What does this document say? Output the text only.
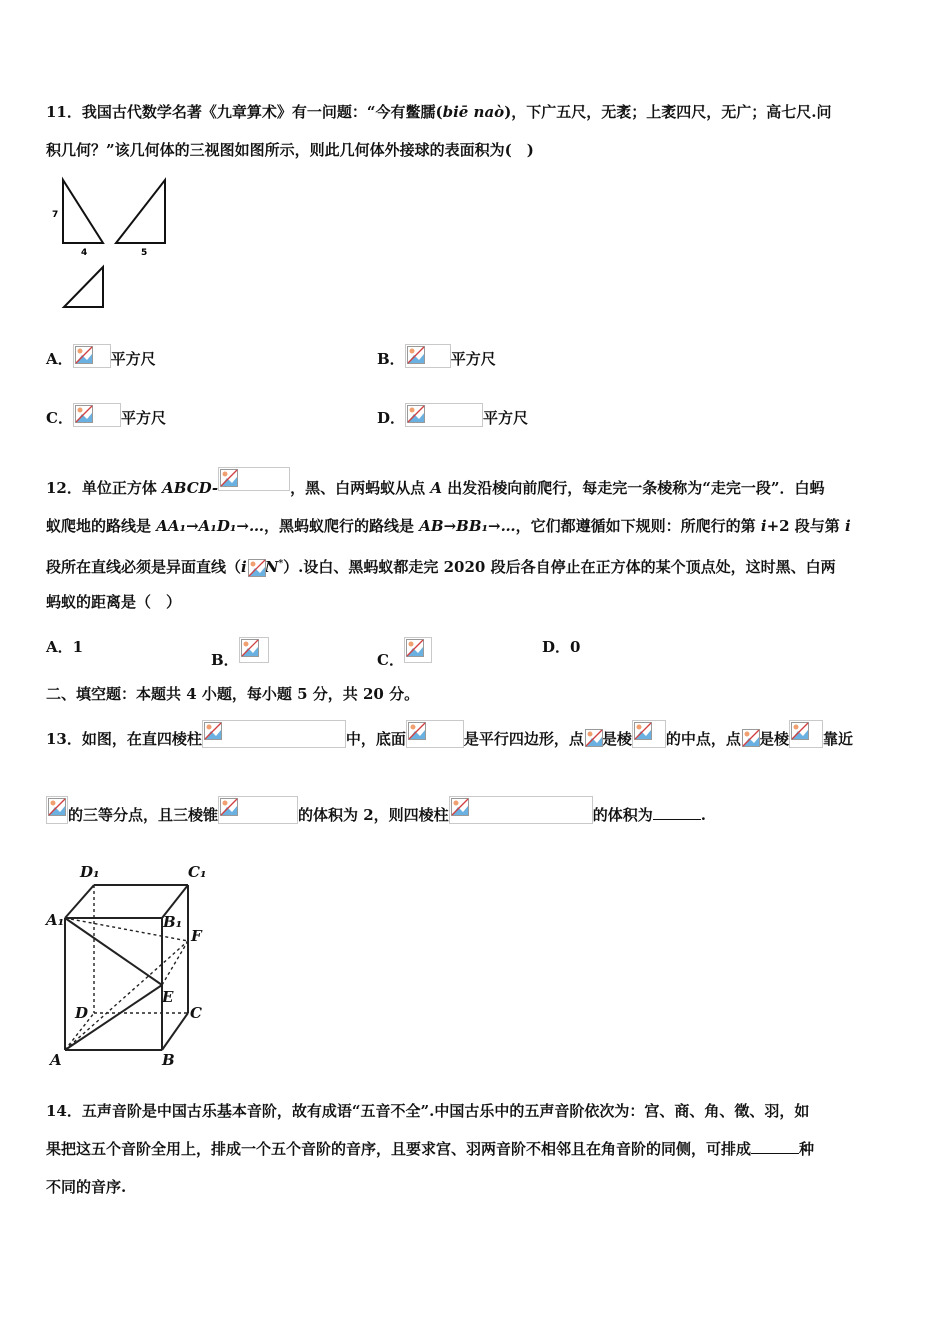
11．我国古代数学名著《九章算术》有一问题：“今有鳖臑(biē naò)，下广五尺，无袤；上袤四尺，无广；高七尺.问
积几何？”该几何体的三视图如图所示，则此几何体外接球的表面积为(　)
7
4	5
A．	平方尺	B．	平方尺
C．	平方尺	D．	平方尺
12．单位正方体 ABCD-	，黑、白两蚂蚁从点 A 出发沿棱向前爬行，每走完一条棱称为“走完一段”．白蚂
蚁爬地的路线是 AA₁→A₁D₁→…，黑蚂蚁爬行的路线是 AB→BB₁→…，它们都遵循如下规则：所爬行的第 i+2 段与第 i
段所在直线必须是异面直线（i N*）.设白、黑蚂蚁都走完 2020 段后各自停止在正方体的某个顶点处，这时黑、白两
蚂蚁的距离是（　）
A．1
B．	C．
D．0
二、填空题：本题共 4 小题，每小题 5 分，共 20 分。
13．如图，在直四棱柱	中，底面	是平行四边形，点 是棱 的中点，点 是棱 靠近
的三等分点，且三棱锥	的体积为 2，则四棱柱	的体积为	.
D₁	C₁
A₁	B₁
F
E
D	C
A	B
14．五声音阶是中国古乐基本音阶，故有成语“五音不全”.中国古乐中的五声音阶依次为：宫、商、角、徵、羽，如
果把这五个音阶全用上，排成一个五个音阶的音序，且要求宫、羽两音阶不相邻且在角音阶的同侧，可排成	种
不同的音序.
